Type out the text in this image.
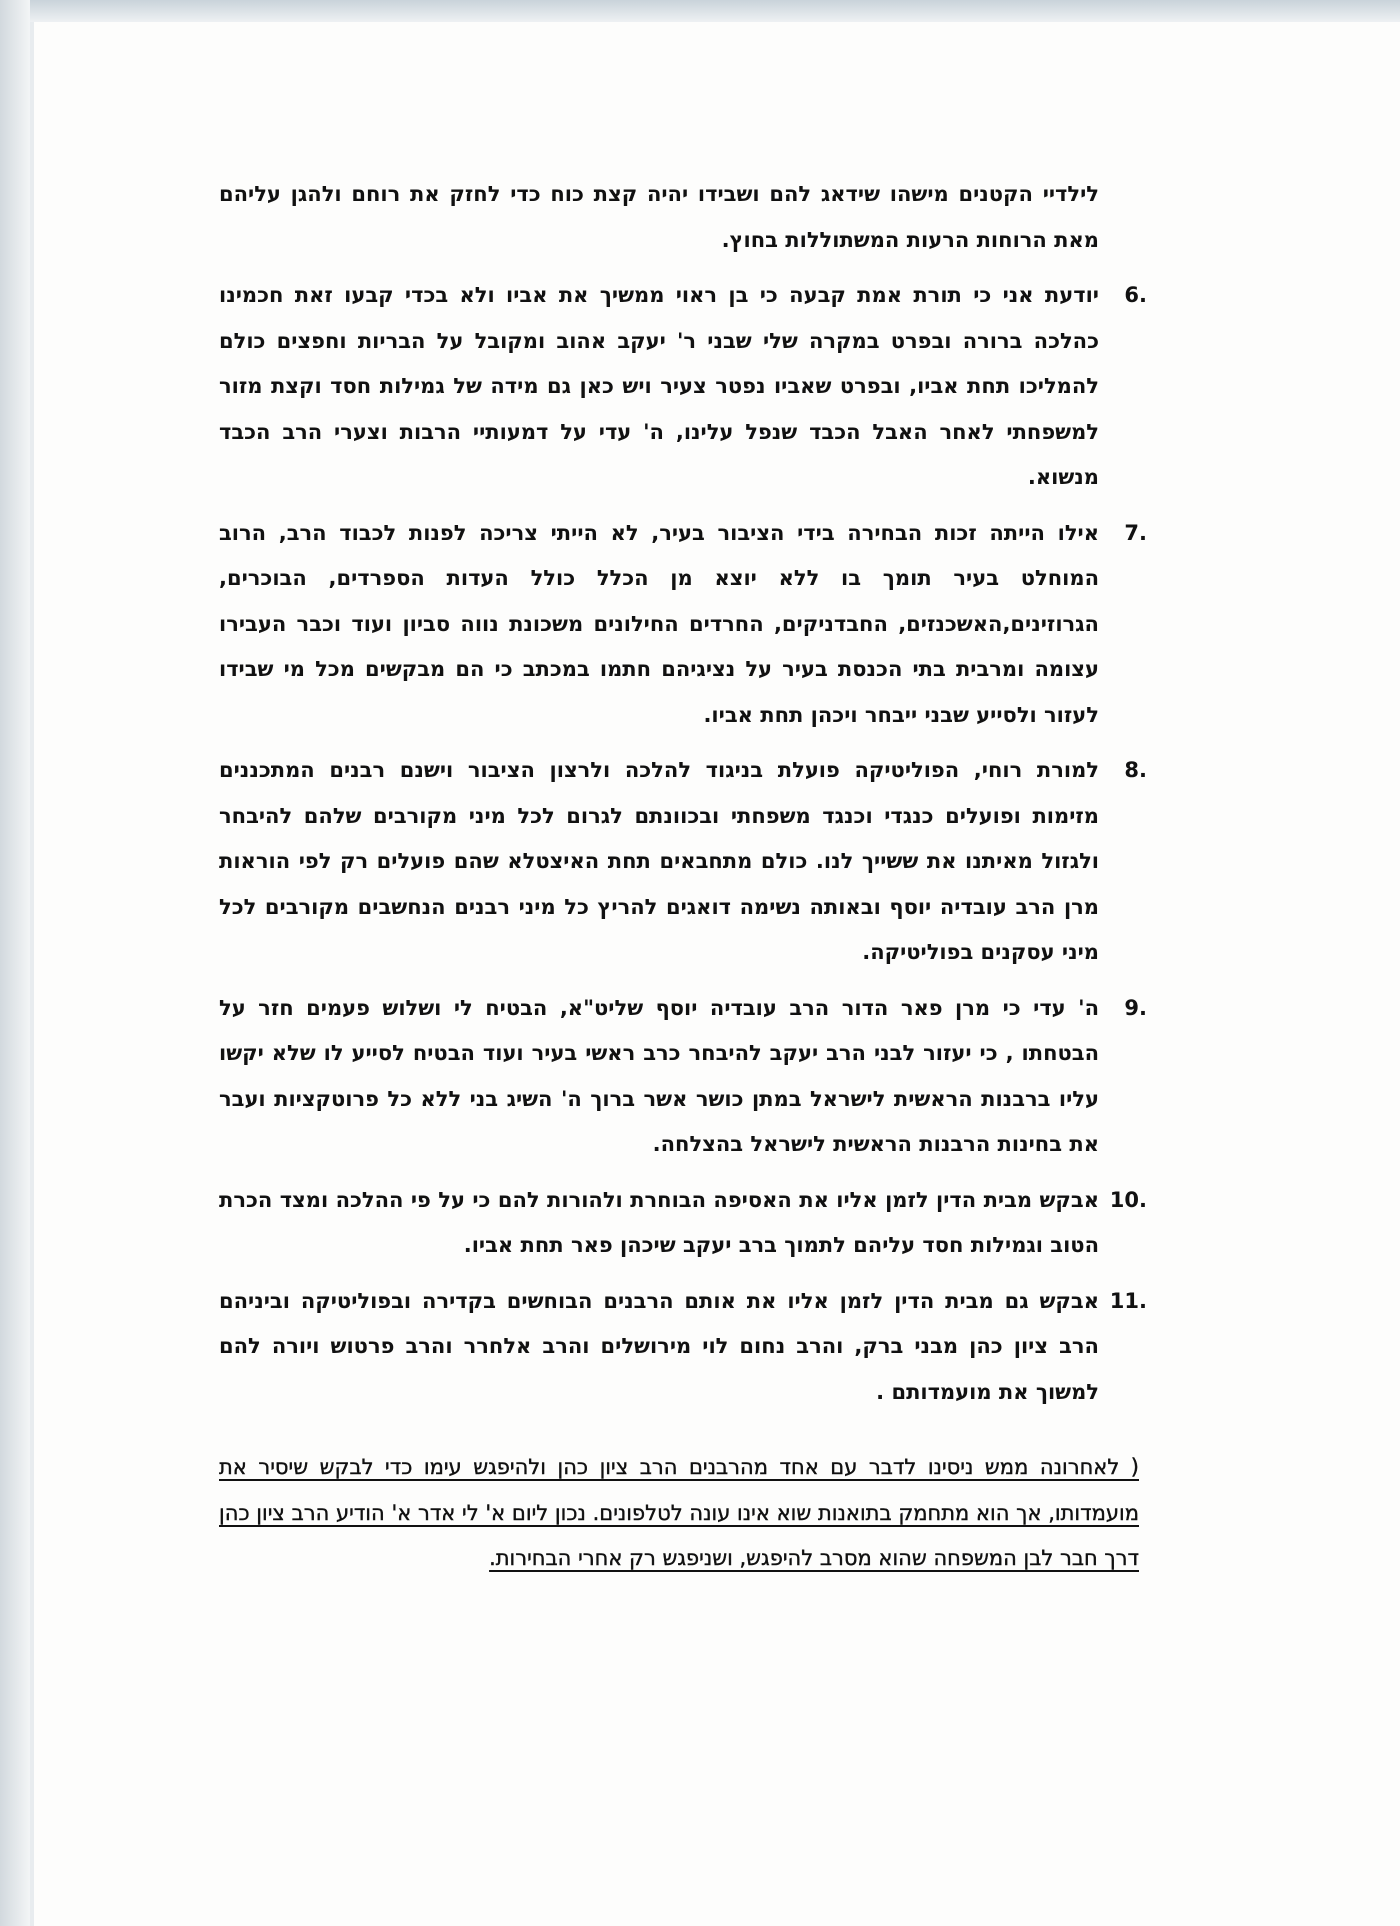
לילדיי הקטנים מישהו שידאג להם ושבידו יהיה קצת כוח כדי לחזק את רוחם ולהגן עליהם מאת הרוחות הרעות המשתוללות בחוץ.
6.
יודעת אני כי תורת אמת קבעה כי בן ראוי ממשיך את אביו ולא בכדי קבעו זאת חכמינו כהלכה ברורה ובפרט במקרה שלי שבני ר' יעקב אהוב ומקובל על הבריות וחפצים כולם להמליכו תחת אביו, ובפרט שאביו נפטר צעיר ויש כאן גם מידה של גמילות חסד וקצת מזור למשפחתי לאחר האבל הכבד שנפל עלינו, ה' עדי על דמעותיי הרבות וצערי הרב הכבד מנשוא.
7.
אילו הייתה זכות הבחירה בידי הציבור בעיר, לא הייתי צריכה לפנות לכבוד הרב, הרוב המוחלט בעיר תומך בו ללא יוצא מן הכלל כולל העדות הספרדים, הבוכרים, הגרוזינים,האשכנזים, החבדניקים, החרדים החילונים משכונת נווה סביון ועוד וכבר העבירו עצומה ומרבית בתי הכנסת בעיר על נציגיהם חתמו במכתב כי הם מבקשים מכל מי שבידו לעזור ולסייע שבני ייבחר ויכהן תחת אביו.
8.
למורת רוחי, הפוליטיקה פועלת בניגוד להלכה ולרצון הציבור וישנם רבנים המתכננים מזימות ופועלים כנגדי וכנגד משפחתי ובכוונתם לגרום לכל מיני מקורבים שלהם להיבחר ולגזול מאיתנו את ששייך לנו. כולם מתחבאים תחת האיצטלא שהם פועלים רק לפי הוראות מרן הרב עובדיה יוסף ובאותה נשימה דואגים להריץ כל מיני רבנים הנחשבים מקורבים לכל מיני עסקנים בפוליטיקה.
9.
ה' עדי כי מרן פאר הדור הרב עובדיה יוסף שליט"א, הבטיח לי ושלוש פעמים חזר על הבטחתו , כי יעזור לבני הרב יעקב להיבחר כרב ראשי בעיר ועוד הבטיח לסייע לו שלא יקשו עליו ברבנות הראשית לישראל במתן כושר אשר ברוך ה' השיג בני ללא כל פרוטקציות ועבר את בחינות הרבנות הראשית לישראל בהצלחה.
10.
אבקש מבית הדין לזמן אליו את האסיפה הבוחרת ולהורות להם כי על פי ההלכה ומצד הכרת הטוב וגמילות חסד עליהם לתמוך ברב יעקב שיכהן פאר תחת אביו.
11.
אבקש גם מבית הדין לזמן אליו את אותם הרבנים הבוחשים בקדירה ובפוליטיקה וביניהם הרב ציון כהן מבני ברק, והרב נחום לוי מירושלים והרב אלחרר והרב פרטוש ויורה להם למשוך את מועמדותם .
( לאחרונה ממש ניסינו לדבר עם אחד מהרבנים הרב ציון כהן ולהיפגש עימו כדי לבקש שיסיר את מועמדותו, אך הוא מתחמק בתואנות שוא אינו עונה לטלפונים. נכון ליום א' לי אדר א' הודיע הרב ציון כהן דרך חבר לבן המשפחה שהוא מסרב להיפגש, ושניפגש רק אחרי הבחירות.
